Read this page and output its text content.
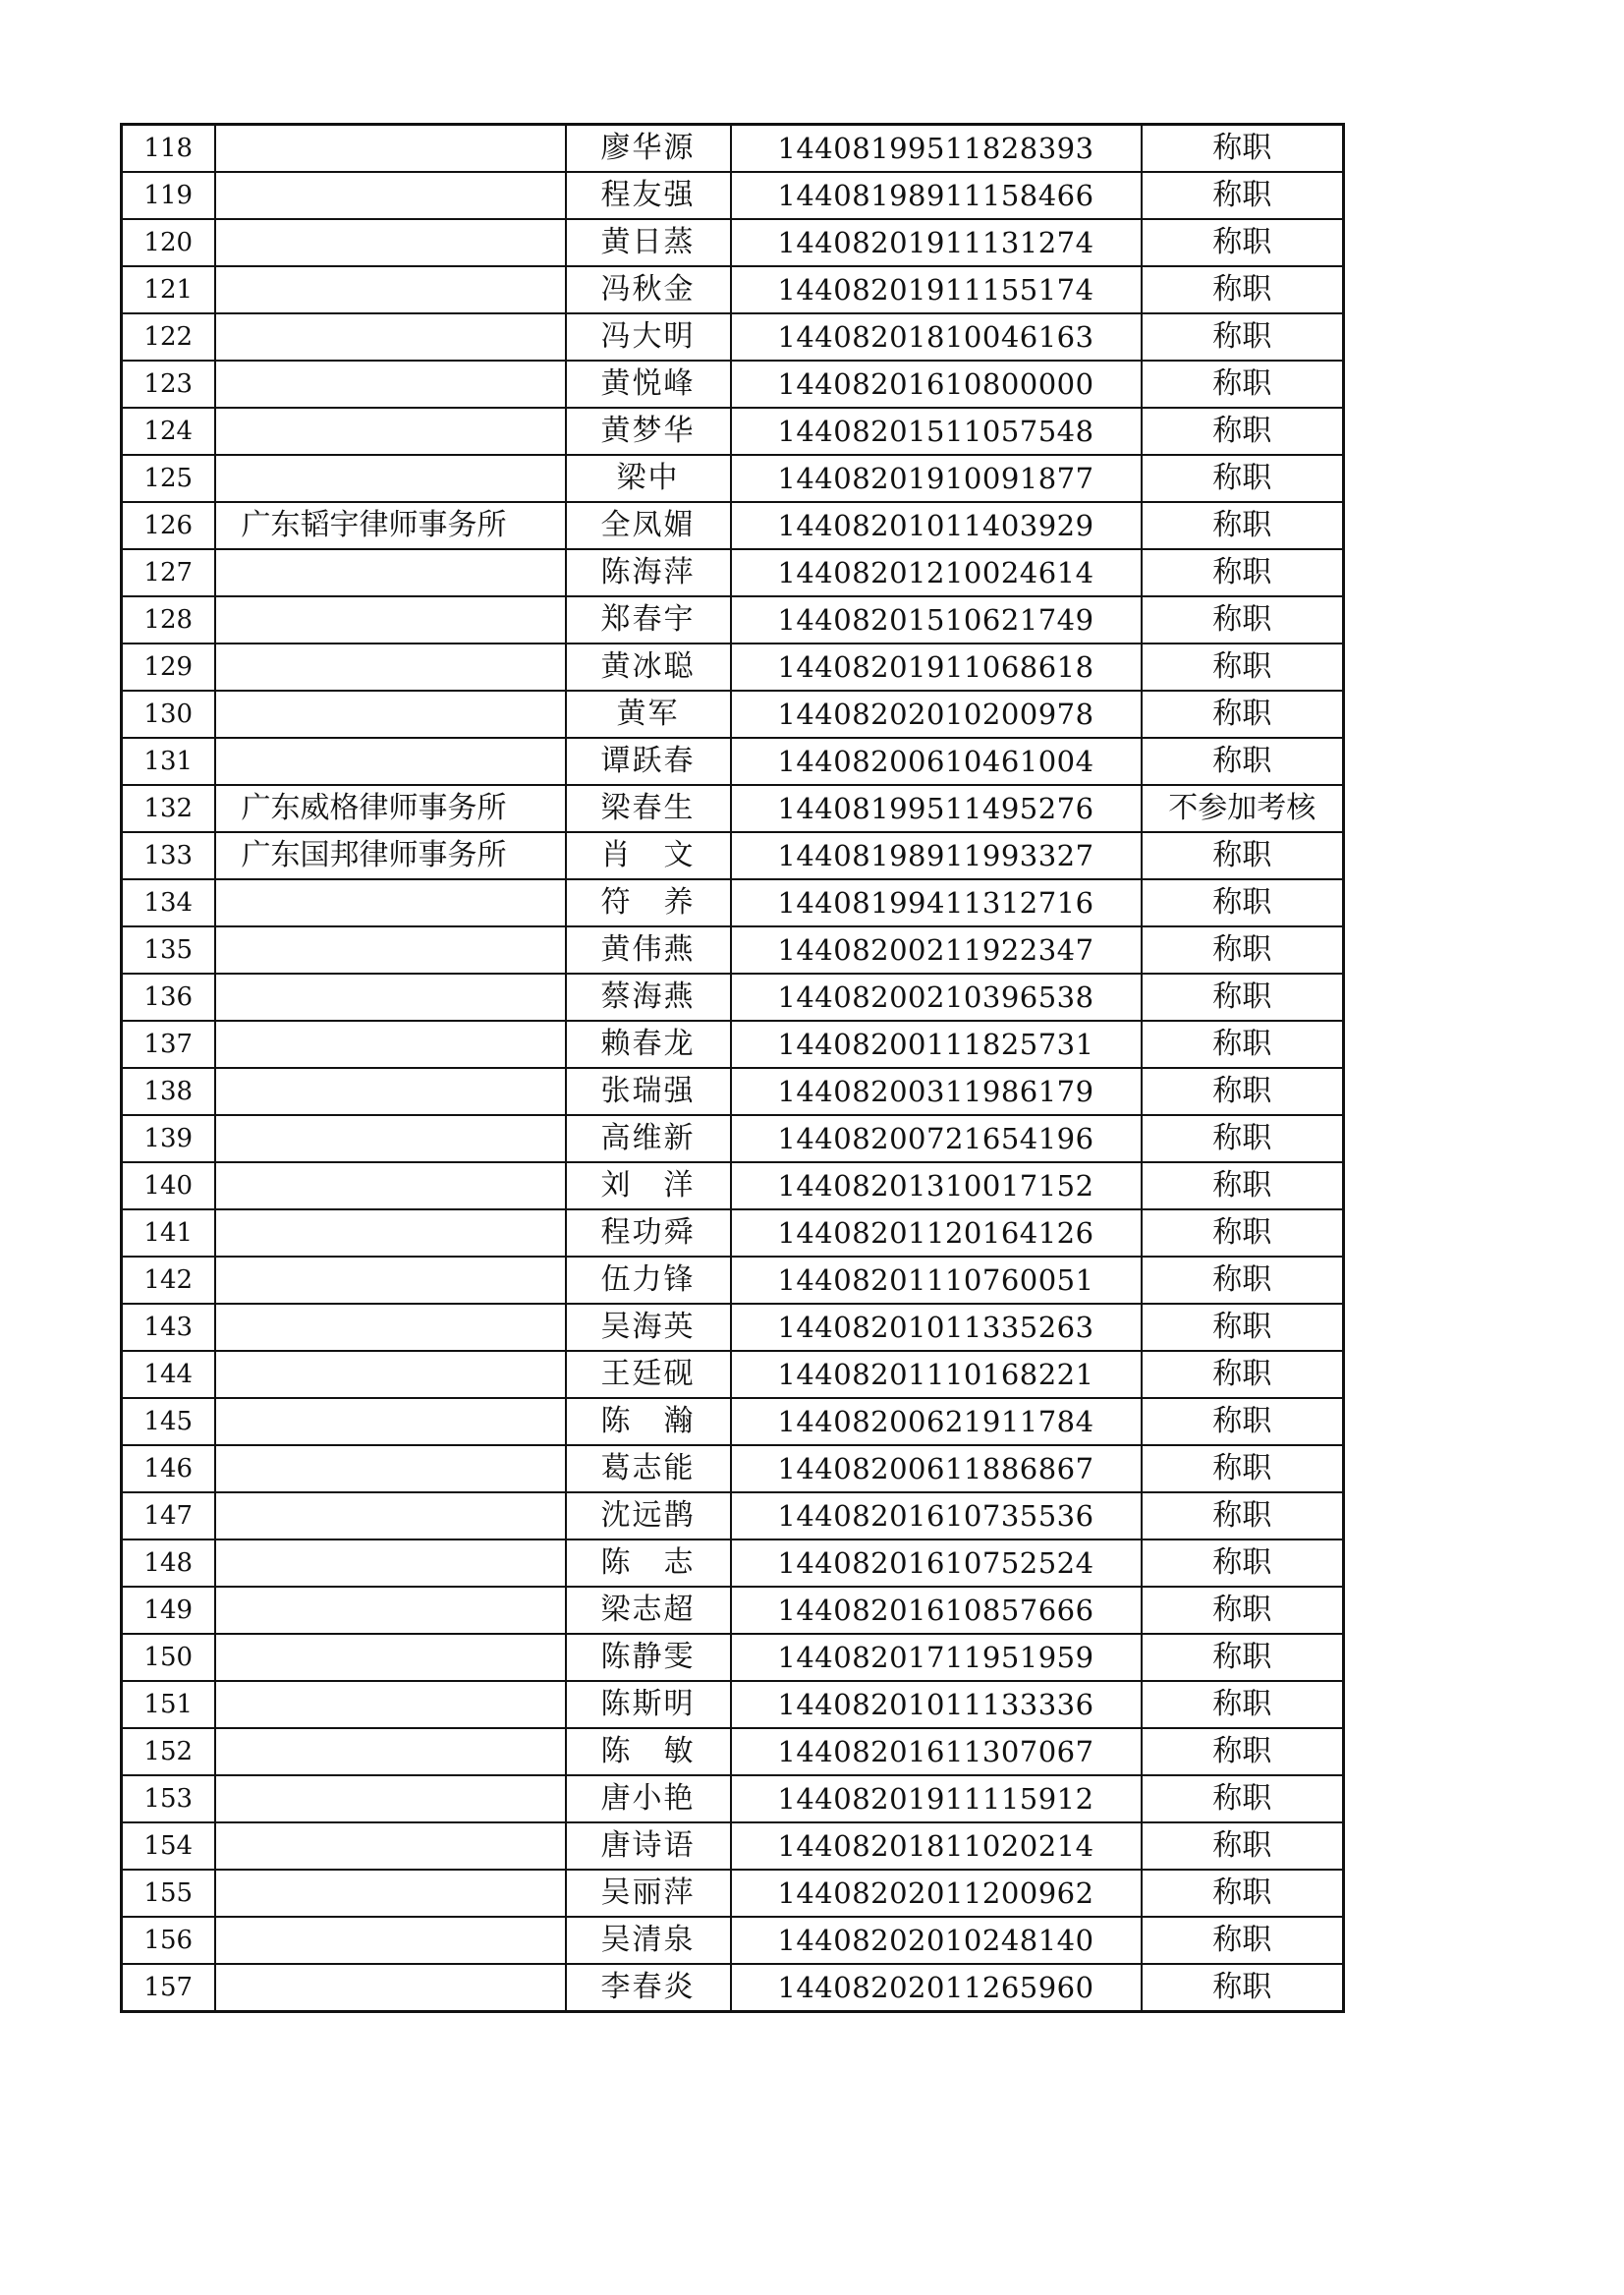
118		廖华源	14408199511828393	称职
119		程友强	14408198911158466	称职
120		黄日蒸	14408201911131274	称职
121		冯秋金	14408201911155174	称职
122		冯大明	14408201810046163	称职
123		黄悦峰	14408201610800000	称职
124		黄梦华	14408201511057548	称职
125		梁中	14408201910091877	称职
126	广东韬宇律师事务所	全凤媚	14408201011403929	称职
127		陈海萍	14408201210024614	称职
128		郑春宇	14408201510621749	称职
129		黄冰聪	14408201911068618	称职
130		黄军	14408202010200978	称职
131		谭跃春	14408200610461004	称职
132	广东威格律师事务所	梁春生	14408199511495276	不参加考核
133	广东国邦律师事务所	肖　文	14408198911993327	称职
134		符　养	14408199411312716	称职
135		黄伟燕	14408200211922347	称职
136		蔡海燕	14408200210396538	称职
137		赖春龙	14408200111825731	称职
138		张瑞强	14408200311986179	称职
139		高维新	14408200721654196	称职
140		刘　洋	14408201310017152	称职
141		程功舜	14408201120164126	称职
142		伍力锋	14408201110760051	称职
143		吴海英	14408201011335263	称职
144		王廷砚	14408201110168221	称职
145		陈　瀚	14408200621911784	称职
146		葛志能	14408200611886867	称职
147		沈远鹊	14408201610735536	称职
148		陈　志	14408201610752524	称职
149		梁志超	14408201610857666	称职
150		陈静雯	14408201711951959	称职
151		陈斯明	14408201011133336	称职
152		陈　敏	14408201611307067	称职
153		唐小艳	14408201911115912	称职
154		唐诗语	14408201811020214	称职
155		吴丽萍	14408202011200962	称职
156		吴清泉	14408202010248140	称职
157		李春炎	14408202011265960	称职
